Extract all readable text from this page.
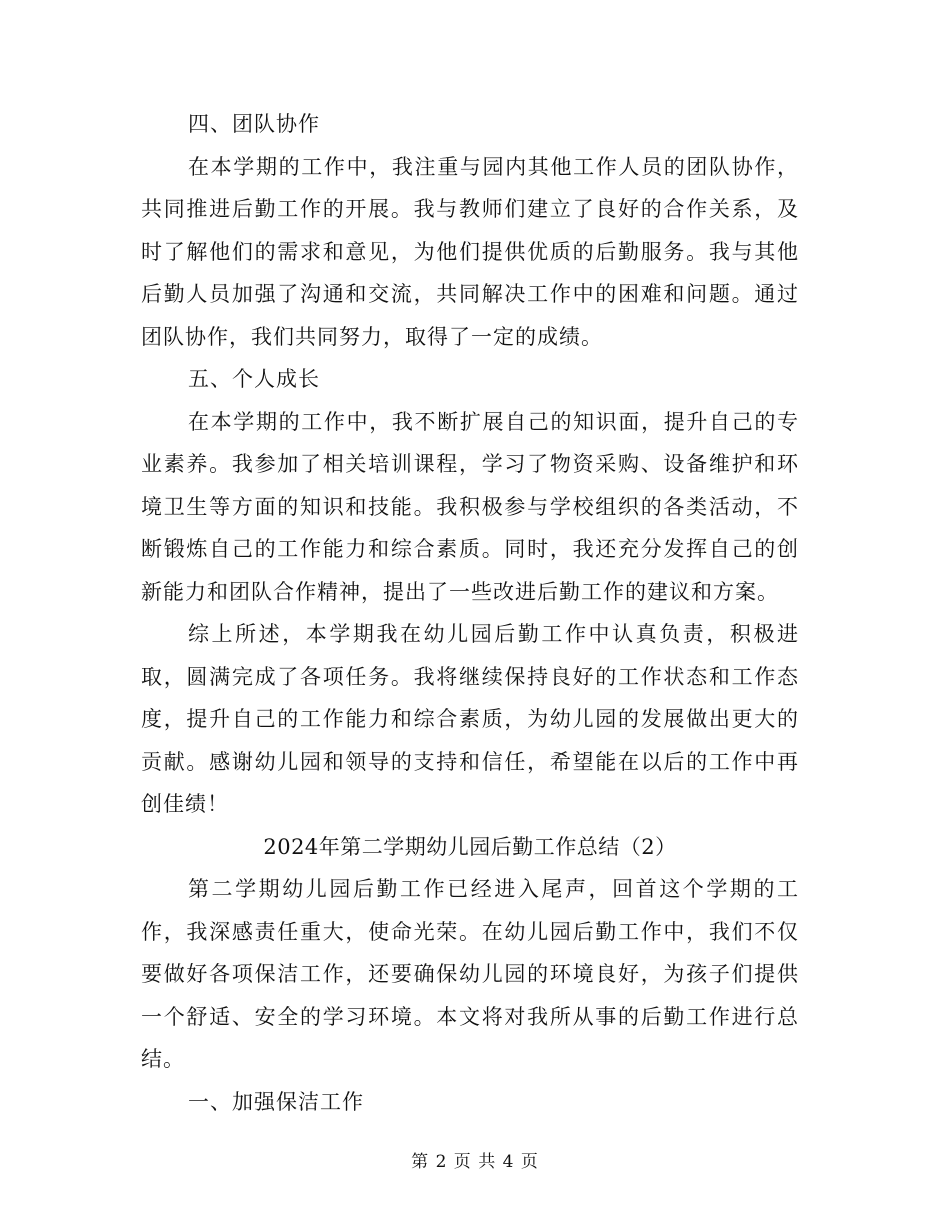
四、团队协作

在本学期的工作中，我注重与园内其他工作人员的团队协作，共同推进后勤工作的开展。我与教师们建立了良好的合作关系，及时了解他们的需求和意见，为他们提供优质的后勤服务。我与其他后勤人员加强了沟通和交流，共同解决工作中的困难和问题。通过团队协作，我们共同努力，取得了一定的成绩。

五、个人成长

在本学期的工作中，我不断扩展自己的知识面，提升自己的专业素养。我参加了相关培训课程，学习了物资采购、设备维护和环境卫生等方面的知识和技能。我积极参与学校组织的各类活动，不断锻炼自己的工作能力和综合素质。同时，我还充分发挥自己的创新能力和团队合作精神，提出了一些改进后勤工作的建议和方案。

综上所述，本学期我在幼儿园后勤工作中认真负责，积极进取，圆满完成了各项任务。我将继续保持良好的工作状态和工作态度，提升自己的工作能力和综合素质，为幼儿园的发展做出更大的贡献。感谢幼儿园和领导的支持和信任，希望能在以后的工作中再创佳绩！

2024年第二学期幼儿园后勤工作总结（2）

第二学期幼儿园后勤工作已经进入尾声，回首这个学期的工作，我深感责任重大，使命光荣。在幼儿园后勤工作中，我们不仅要做好各项保洁工作，还要确保幼儿园的环境良好，为孩子们提供一个舒适、安全的学习环境。本文将对我所从事的后勤工作进行总结。

一、加强保洁工作
第 2 页 共 4 页
